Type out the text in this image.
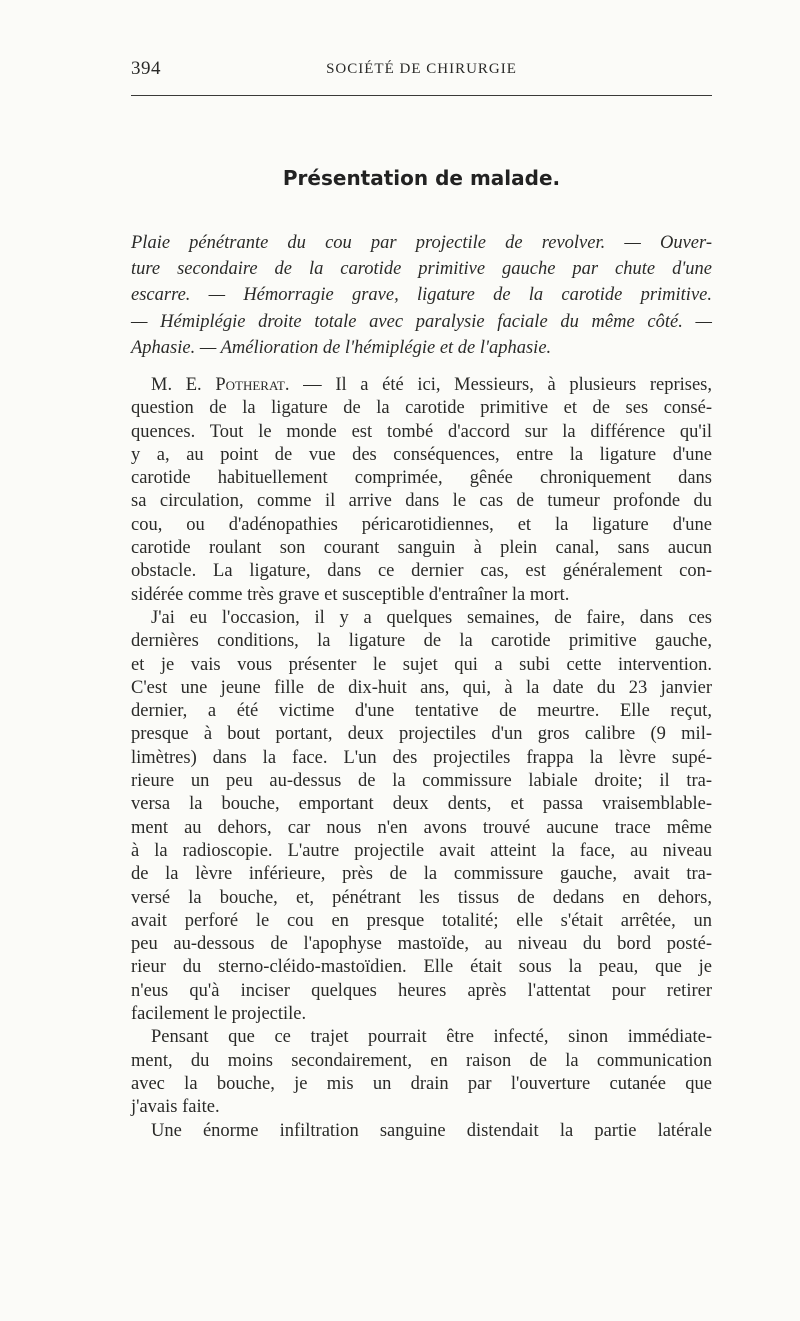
394	SOCIÉTÉ DE CHIRURGIE
Présentation de malade.
Plaie pénétrante du cou par projectile de revolver. — Ouver-
ture secondaire de la carotide primitive gauche par chute d'une
escarre. — Hémorragie grave, ligature de la carotide primitive.
— Hémiplégie droite totale avec paralysie faciale du même côté. —
Aphasie. — Amélioration de l'hémiplégie et de l'aphasie.
M. E. Potherat. — Il a été ici, Messieurs, à plusieurs reprises,
question de la ligature de la carotide primitive et de ses consé-
quences. Tout le monde est tombé d'accord sur la différence qu'il
y a, au point de vue des conséquences, entre la ligature d'une
carotide habituellement comprimée, gênée chroniquement dans
sa circulation, comme il arrive dans le cas de tumeur profonde du
cou, ou d'adénopathies péricarotidiennes, et la ligature d'une
carotide roulant son courant sanguin à plein canal, sans aucun
obstacle. La ligature, dans ce dernier cas, est généralement con-
sidérée comme très grave et susceptible d'entraîner la mort.
J'ai eu l'occasion, il y a quelques semaines, de faire, dans ces
dernières conditions, la ligature de la carotide primitive gauche,
et je vais vous présenter le sujet qui a subi cette intervention.
C'est une jeune fille de dix-huit ans, qui, à la date du 23 janvier
dernier, a été victime d'une tentative de meurtre. Elle reçut,
presque à bout portant, deux projectiles d'un gros calibre (9 mil-
limètres) dans la face. L'un des projectiles frappa la lèvre supé-
rieure un peu au-dessus de la commissure labiale droite; il tra-
versa la bouche, emportant deux dents, et passa vraisemblable-
ment au dehors, car nous n'en avons trouvé aucune trace même
à la radioscopie. L'autre projectile avait atteint la face, au niveau
de la lèvre inférieure, près de la commissure gauche, avait tra-
versé la bouche, et, pénétrant les tissus de dedans en dehors,
avait perforé le cou en presque totalité; elle s'était arrêtée, un
peu au-dessous de l'apophyse mastoïde, au niveau du bord posté-
rieur du sterno-cléido-mastoïdien. Elle était sous la peau, que je
n'eus qu'à inciser quelques heures après l'attentat pour retirer
facilement le projectile.
Pensant que ce trajet pourrait être infecté, sinon immédiate-
ment, du moins secondairement, en raison de la communication
avec la bouche, je mis un drain par l'ouverture cutanée que
j'avais faite.
Une énorme infiltration sanguine distendait la partie latérale
